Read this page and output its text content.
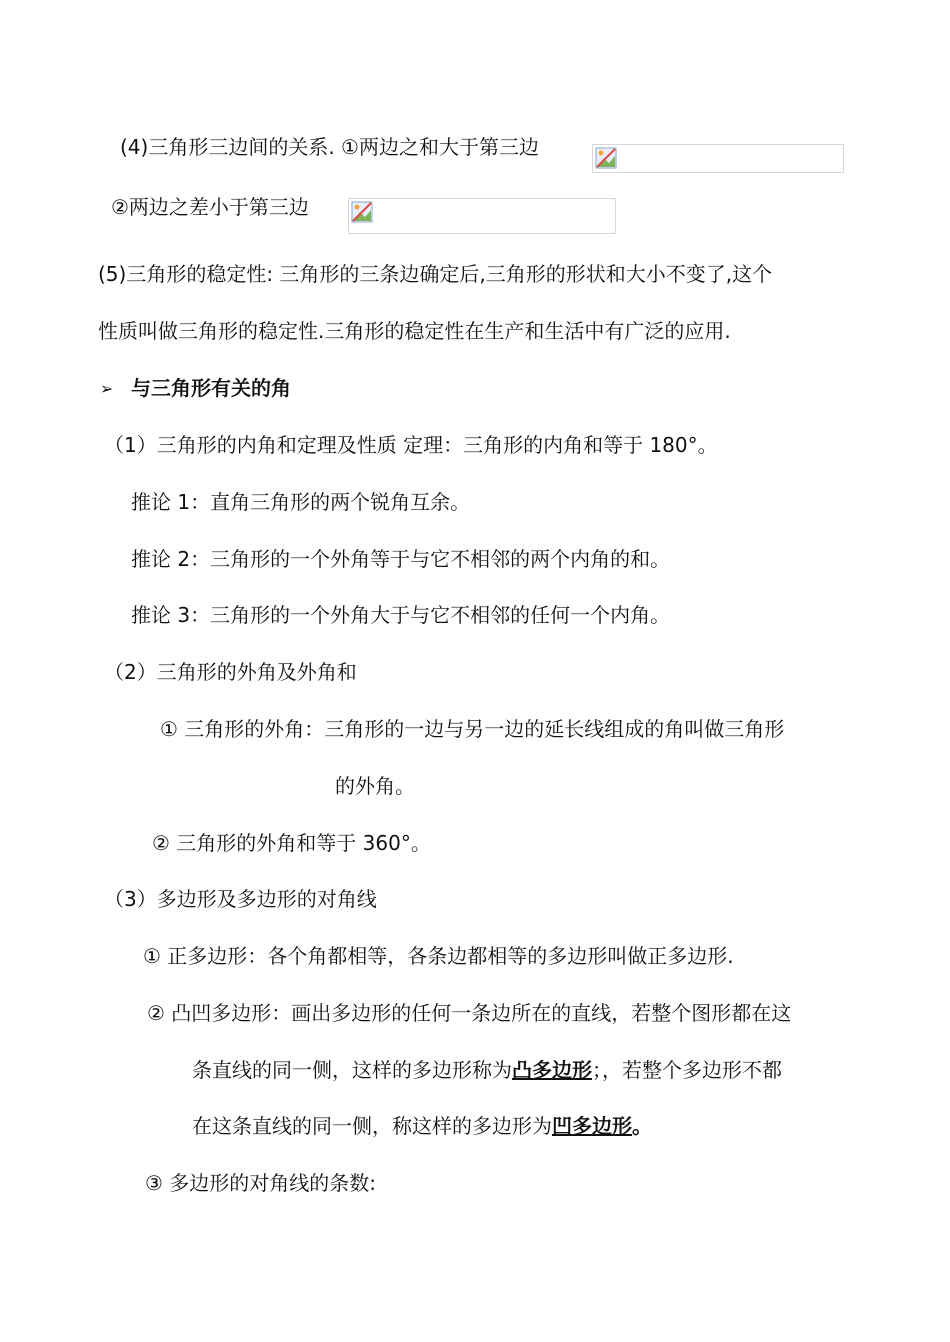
(4)三角形三边间的关系. ①两边之和大于第三边
②两边之差小于第三边
(5)三角形的稳定性: 三角形的三条边确定后,三角形的形状和大小不变了,这个
性质叫做三角形的稳定性.三角形的稳定性在生产和生活中有广泛的应用.
➢ 与三角形有关的角
（1）三角形的内角和定理及性质 定理：三角形的内角和等于 180°。
推论 1：直角三角形的两个锐角互余。
推论 2：三角形的一个外角等于与它不相邻的两个内角的和。
推论 3：三角形的一个外角大于与它不相邻的任何一个内角。
（2）三角形的外角及外角和
① 三角形的外角：三角形的一边与另一边的延长线组成的角叫做三角形
的外角。
② 三角形的外角和等于 360°。
（3）多边形及多边形的对角线
① 正多边形：各个角都相等，各条边都相等的多边形叫做正多边形.
② 凸凹多边形：画出多边形的任何一条边所在的直线，若整个图形都在这
条直线的同一侧，这样的多边形称为凸多边形；，若整个多边形不都
在这条直线的同一侧，称这样的多边形为凹多边形。
③ 多边形的对角线的条数:
